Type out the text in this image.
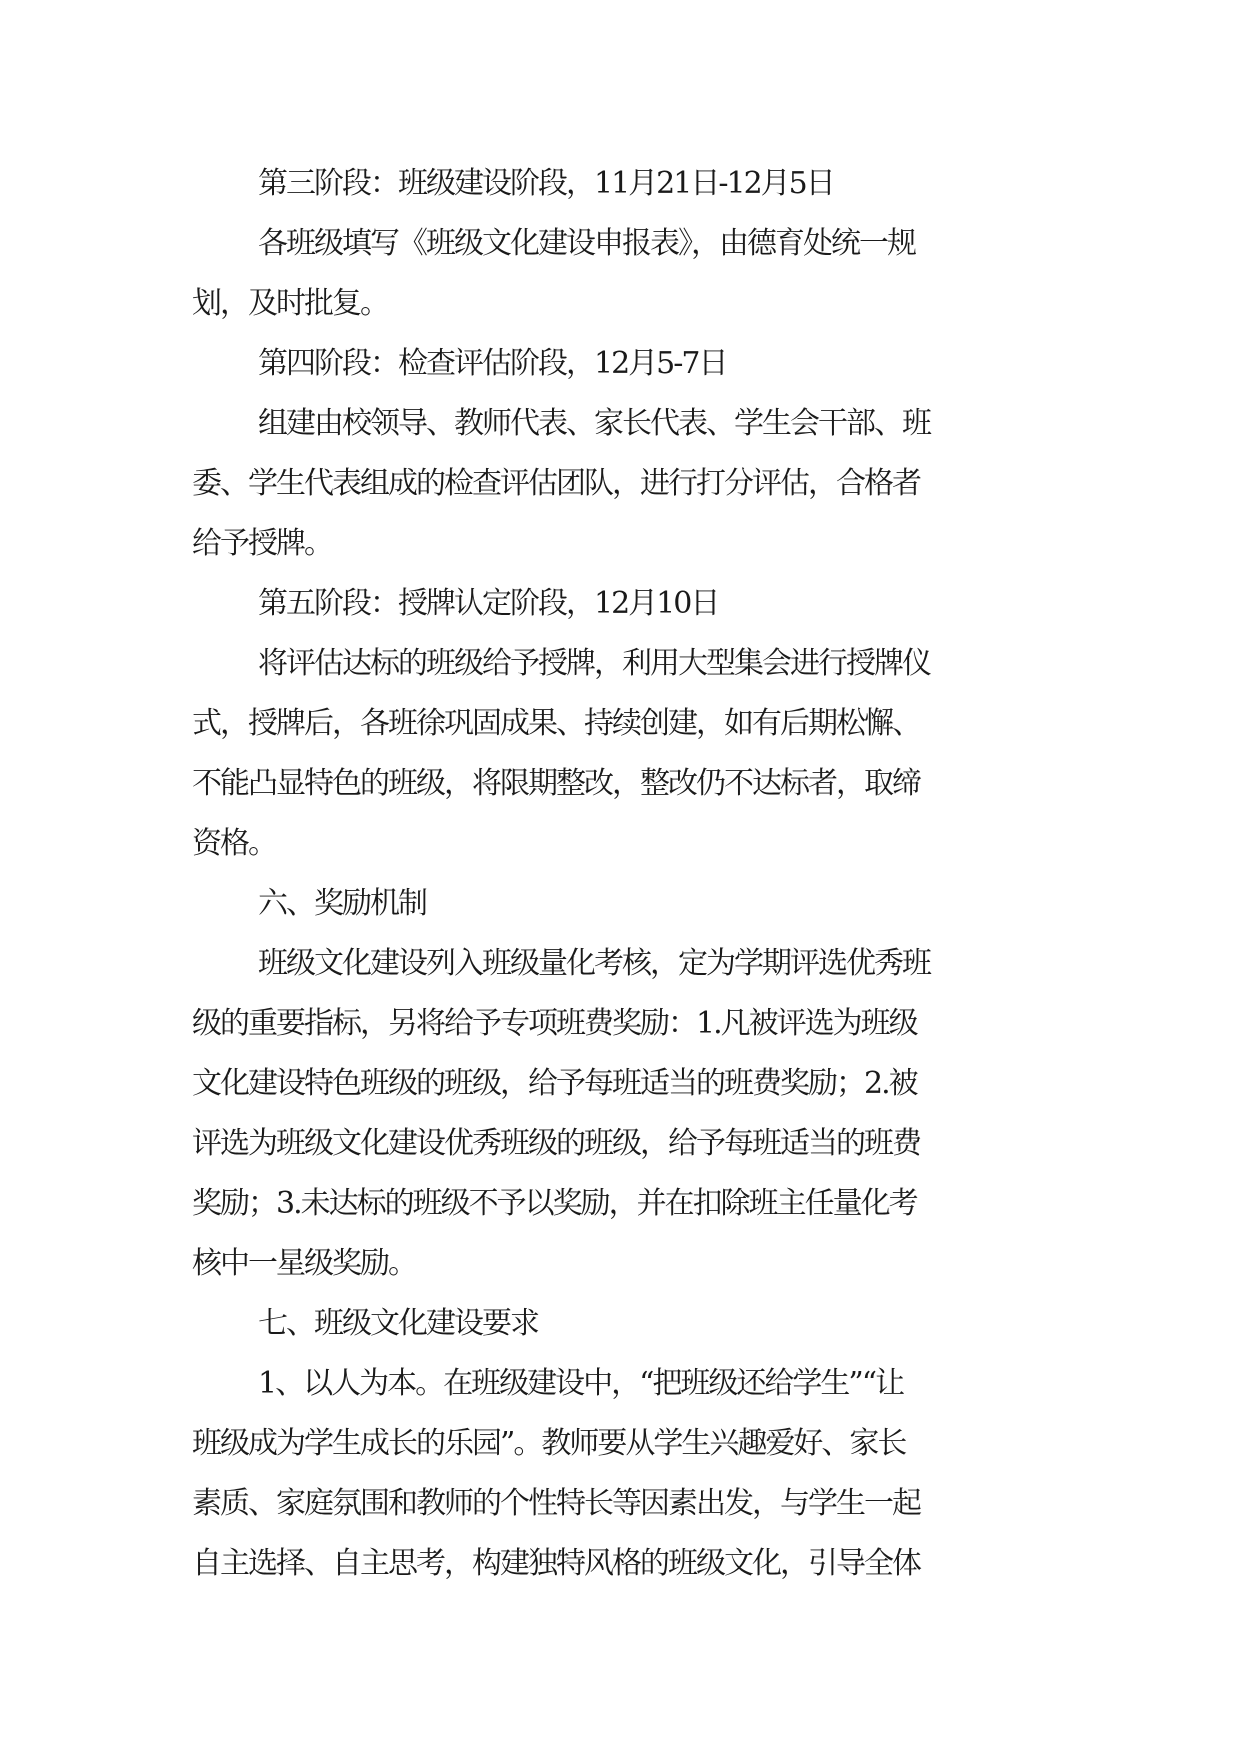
第三阶段：班级建设阶段，11月21日-12月5日
各班级填写《班级文化建设申报表》，由德育处统一规
划，及时批复。
第四阶段：检查评估阶段，12月5-7日
组建由校领导、教师代表、家长代表、学生会干部、班
委、学生代表组成的检查评估团队，进行打分评估，合格者
给予授牌。
第五阶段：授牌认定阶段，12月10日
将评估达标的班级给予授牌，利用大型集会进行授牌仪
式，授牌后，各班徐巩固成果、持续创建，如有后期松懈、
不能凸显特色的班级，将限期整改，整改仍不达标者，取缔
资格。
六、奖励机制
班级文化建设列入班级量化考核，定为学期评选优秀班
级的重要指标，另将给予专项班费奖励：1.凡被评选为班级
文化建设特色班级的班级，给予每班适当的班费奖励；2.被
评选为班级文化建设优秀班级的班级，给予每班适当的班费
奖励；3.未达标的班级不予以奖励，并在扣除班主任量化考
核中一星级奖励。
七、班级文化建设要求
1、以人为本。在班级建设中，“把班级还给学生”“让
班级成为学生成长的乐园”。教师要从学生兴趣爱好、家长
素质、家庭氛围和教师的个性特长等因素出发，与学生一起
自主选择、自主思考，构建独特风格的班级文化，引导全体
